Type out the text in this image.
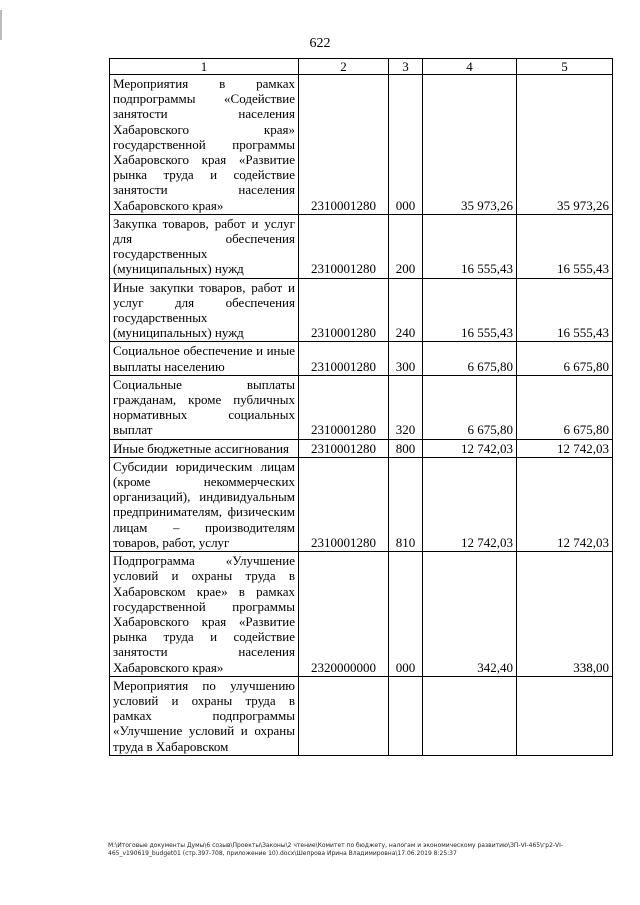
622
1	2	3	4	5
Мероприятия в рамках подпрограммы «Содействие занятости населения Хабаровского края» государственной программы Хабаровского края «Развитие рынка труда и содействие занятости населения Хабаровского края»	2310001280	000	35 973,26	35 973,26
Закупка товаров, работ и услуг для обеспечения государственных (муниципальных) нужд	2310001280	200	16 555,43	16 555,43
Иные закупки товаров, работ и услуг для обеспечения государственных (муниципальных) нужд	2310001280	240	16 555,43	16 555,43
Социальное обеспечение и иные выплаты населению	2310001280	300	6 675,80	6 675,80
Социальные выплаты гражданам, кроме публичных нормативных социальных выплат	2310001280	320	6 675,80	6 675,80
Иные бюджетные ассигнования	2310001280	800	12 742,03	12 742,03
Субсидии юридическим лицам (кроме некоммерческих организаций), индивидуальным предпринимателям, физическим лицам – производителям товаров, работ, услуг	2310001280	810	12 742,03	12 742,03
Подпрограмма «Улучшение условий и охраны труда в Хабаровском крае» в рамках государственной программы Хабаровского края «Развитие рынка труда и содействие занятости населения Хабаровского края»	2320000000	000	342,40	338,00
Мероприятия по улучшению условий и охраны труда в рамках подпрограммы «Улучшение условий и охраны труда в Хабаровском				
M:\Итоговые документы Думы\6 созыв\Проекты\Законы\2 чтение\Комитет по бюджету, налогам и экономическому развитию\ЗП-VI-465\гр2-VI-465_v190619_budget01 (стр.397-708, приложение 10).docx\Шепрова Ирина Владимировна\17.06.2019 8:25:37
